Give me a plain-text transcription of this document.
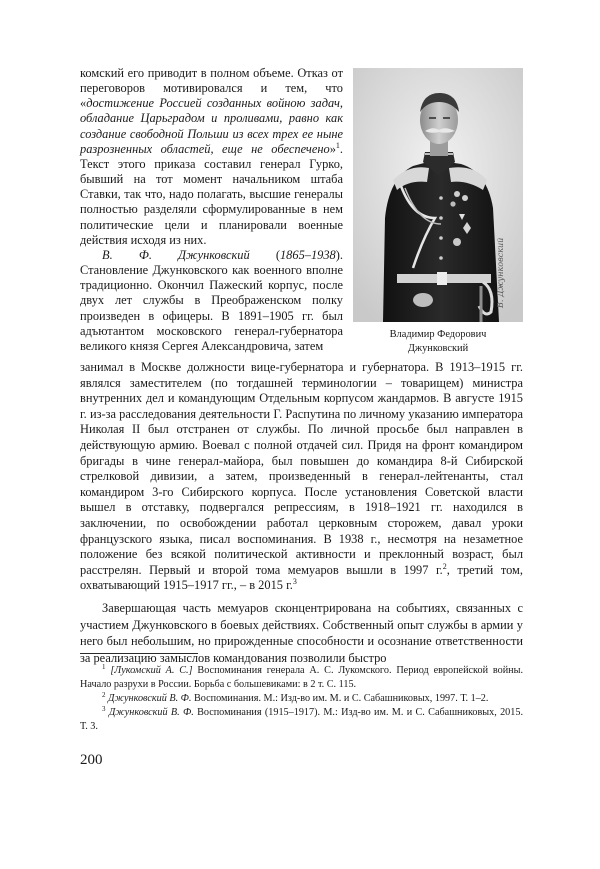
комский его приводит в полном объеме. Отказ от переговоров мотивировался и тем, что «достижение Россией созданных войною задач, обладание Царьградом и проливами, равно как создание свободной Польши из всех трех ее ныне разрозненных областей, еще не обеспечено»$^1$. Текст этого приказа составил генерал Гурко, бывший на тот момент начальником штаба Ставки, так что, надо полагать, высшие генералы полностью разделяли сформулированные в нем политические цели и планировали военные действия исходя из них.

В. Ф. Джунковский (1865–1938). Становление Джунковского как военного вполне традиционно. Окончил Пажеский корпус, после двух лет службы в Преображенском полку произведен в офицеры. В 1891–1905 гг. был адъютантом московского генерал-губернатора великого князя Сергея Александровича, затем

В. Джунковский
Владимир Федорович
Джунковский

занимал в Москве должности вице-губернатора и губернатора. В 1913–1915 гг. являлся заместителем (по тогдашней терминологии – товарищем) министра внутренних дел и командующим Отдельным корпусом жандармов. В августе 1915 г. из-за расследования деятельности Г. Распутина по личному указанию императора Николая II был отстранен от службы. По личной просьбе был направлен в действующую армию. Воевал с полной отдачей сил. Придя на фронт командиром бригады в чине генерал-майора, был повышен до командира 8-й Сибирской стрелковой дивизии, а затем, произведенный в генерал-лейтенанты, стал командиром 3-го Сибирского корпуса. После установления Советской власти вышел в отставку, подвергался репрессиям, в 1918–1921 гг. находился в заключении, по освобождении работал церковным сторожем, давал уроки французского языка, писал воспоминания. В 1938 г., несмотря на незаметное положение без всякой политической активности и преклонный возраст, был расстрелян. Первый и второй тома мемуаров вышли в 1997 г.$^2$, третий том, охватывающий 1915–1917 гг., – в 2015 г.$^3$

Завершающая часть мемуаров сконцентрирована на событиях, связанных с участием Джунковского в боевых действиях. Собственный опыт службы в армии у него был небольшим, но прирожденные способности и осознание ответственности за реализацию замыслов командования позволили быстро

$^1$ [Лукомский А. С.] Воспоминания генерала А. С. Лукомского. Период европейской войны. Начало разрухи в России. Борьба с большевиками: в 2 т. С. 115.

$^2$ Джунковский В. Ф. Воспоминания. М.: Изд-во им. М. и С. Сабашниковых, 1997. Т. 1–2.

$^3$ Джунковский В. Ф. Воспоминания (1915–1917). М.: Изд-во им. М. и С. Сабашниковых, 2015. Т. 3.

200
